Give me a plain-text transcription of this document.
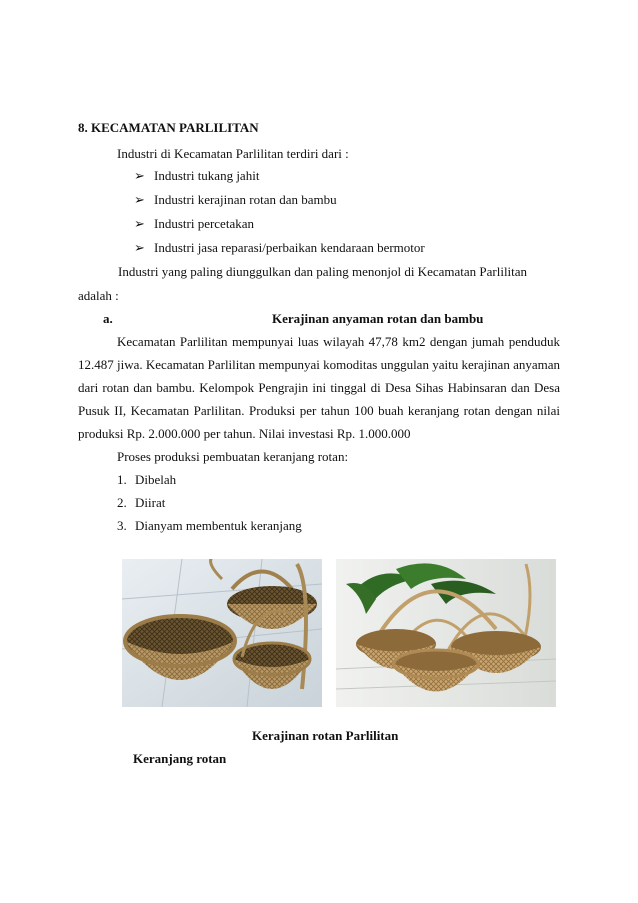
8. KECAMATAN PARLILITAN
Industri di Kecamatan Parlilitan terdiri dari :
➢ Industri tukang jahit
➢ Industri kerajinan rotan dan bambu
➢ Industri percetakan
➢ Industri jasa reparasi/perbaikan kendaraan bermotor
Industri yang paling diunggulkan dan paling menonjol di Kecamatan Parlilitan
adalah :
a.	Kerajinan anyaman rotan dan bambu
Kecamatan Parlilitan mempunyai luas wilayah 47,78 km2 dengan jumah penduduk
12.487 jiwa. Kecamatan Parlilitan mempunyai komoditas unggulan yaitu kerajinan anyaman
dari rotan dan bambu. Kelompok Pengrajin ini tinggal di Desa Sihas Habinsaran dan Desa
Pusuk II, Kecamatan Parlilitan. Produksi per tahun 100 buah keranjang rotan dengan nilai
produksi Rp. 2.000.000 per tahun. Nilai investasi Rp. 1.000.000
Proses produksi pembuatan keranjang rotan:
1. Dibelah
2. Diirat
3. Dianyam membentuk keranjang
Kerajinan rotan Parlilitan
Keranjang rotan
